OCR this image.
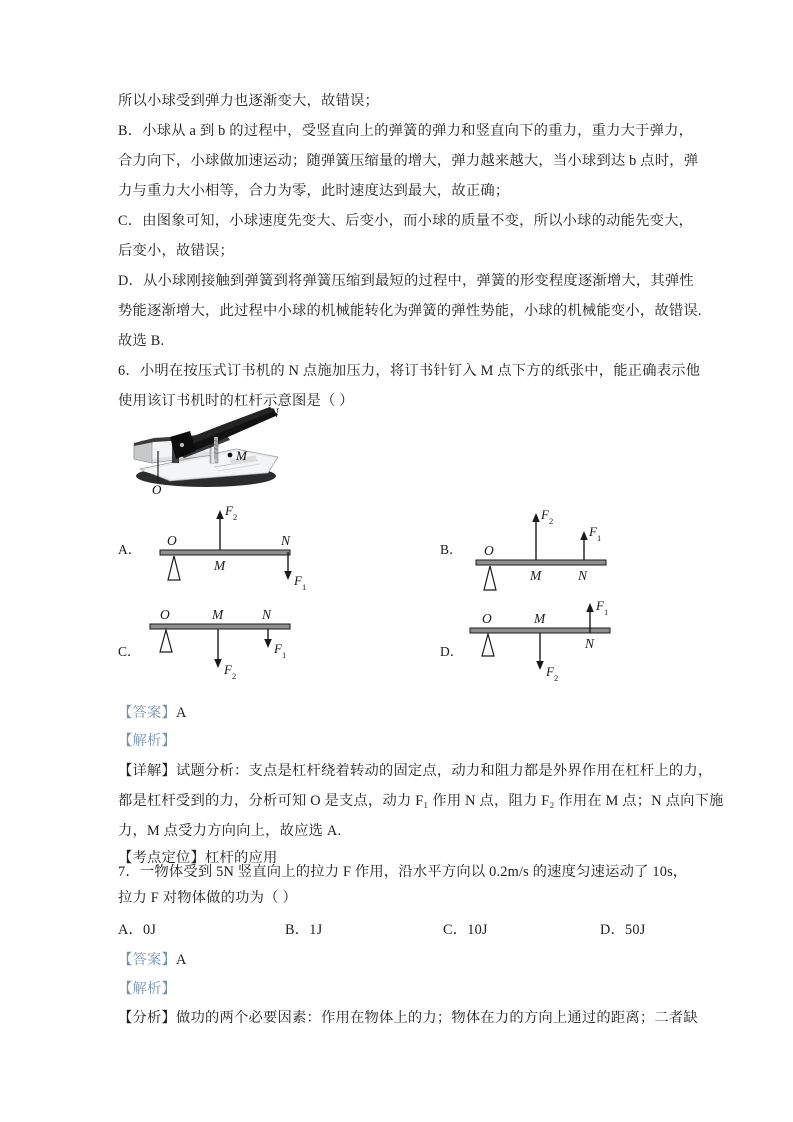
所以小球受到弹力也逐渐变大，故错误；
B．小球从 a 到 b 的过程中，受竖直向上的弹簧的弹力和竖直向下的重力，重力大于弹力，
合力向下，小球做加速运动；随弹簧压缩量的增大，弹力越来越大，当小球到达 b 点时，弹
力与重力大小相等，合力为零，此时速度达到最大，故正确；
C．由图象可知，小球速度先变大、后变小，而小球的质量不变，所以小球的动能先变大，
后变小，故错误；
D．从小球刚接触到弹簧到将弹簧压缩到最短的过程中，弹簧的形变程度逐渐增大，其弹性
势能逐渐增大，此过程中小球的机械能转化为弹簧的弹性势能，小球的机械能变小，故错误.
故选 B.
6．小明在按压式订书机的 N 点施加压力，将订书针钉入 M 点下方的纸张中，能正确表示他
使用该订书机时的杠杆示意图是（ ）
N
M
O
A．
O
M
N
F 2
F 1
B． O
M	N
F 2
F 1
C．
O	M	N
F 2
F 1	D．
O	M
N
F 2
F 1
【答案】A
【解析】
【详解】试题分析：支点是杠杆绕着转动的固定点，动力和阻力都是外界作用在杠杆上的力，
都是杠杆受到的力，分析可知 O 是支点，动力 F₁ 作用 N 点，阻力 F₂ 作用在 M 点；N 点向下施
力，M 点受力方向向上，故应选 A.
【考点定位】杠杆的应用
7．一物体受到 5N 竖直向上的拉力 F 作用，沿水平方向以 0.2m/s 的速度匀速运动了 10s，
拉力 F 对物体做的功为（ ）
A．0J	B．1J	C．10J	D．50J
【答案】A
【解析】
【分析】做功的两个必要因素：作用在物体上的力；物体在力的方向上通过的距离；二者缺
